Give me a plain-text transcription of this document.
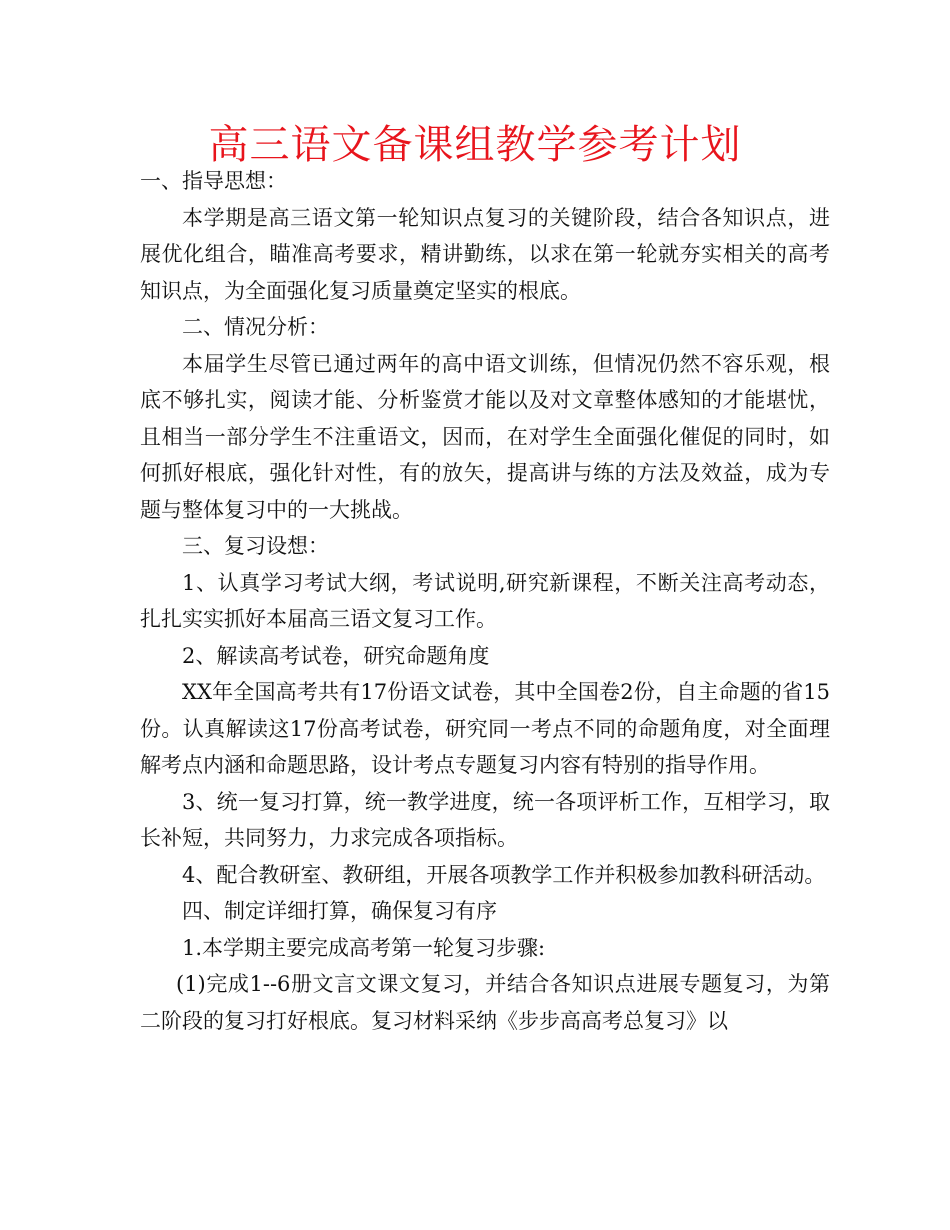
高三语文备课组教学参考计划

一、指导思想：

本学期是高三语文第一轮知识点复习的关键阶段，结合各知识点，进展优化组合，瞄准高考要求，精讲勤练，以求在第一轮就夯实相关的高考知识点，为全面强化复习质量奠定坚实的根底。

二、情况分析：

本届学生尽管已通过两年的高中语文训练，但情况仍然不容乐观，根底不够扎实，阅读才能、分析鉴赏才能以及对文章整体感知的才能堪忧，且相当一部分学生不注重语文，因而，在对学生全面强化催促的同时，如何抓好根底，强化针对性，有的放矢，提高讲与练的方法及效益，成为专题与整体复习中的一大挑战。

三、复习设想：

1、认真学习考试大纲，考试说明,研究新课程，不断关注高考动态，扎扎实实抓好本届高三语文复习工作。

2、解读高考试卷，研究命题角度

XX年全国高考共有17份语文试卷，其中全国卷2份，自主命题的省15份。认真解读这17份高考试卷，研究同一考点不同的命题角度，对全面理解考点内涵和命题思路，设计考点专题复习内容有特别的指导作用。

3、统一复习打算，统一教学进度，统一各项评析工作，互相学习，取长补短，共同努力，力求完成各项指标。

4、配合教研室、教研组，开展各项教学工作并积极参加教科研活动。

四、制定详细打算，确保复习有序

1.本学期主要完成高考第一轮复习步骤:

(1)完成1--6册文言文课文复习，并结合各知识点进展专题复习，为第二阶段的复习打好根底。复习材料采纳《步步高高考总复习》以
